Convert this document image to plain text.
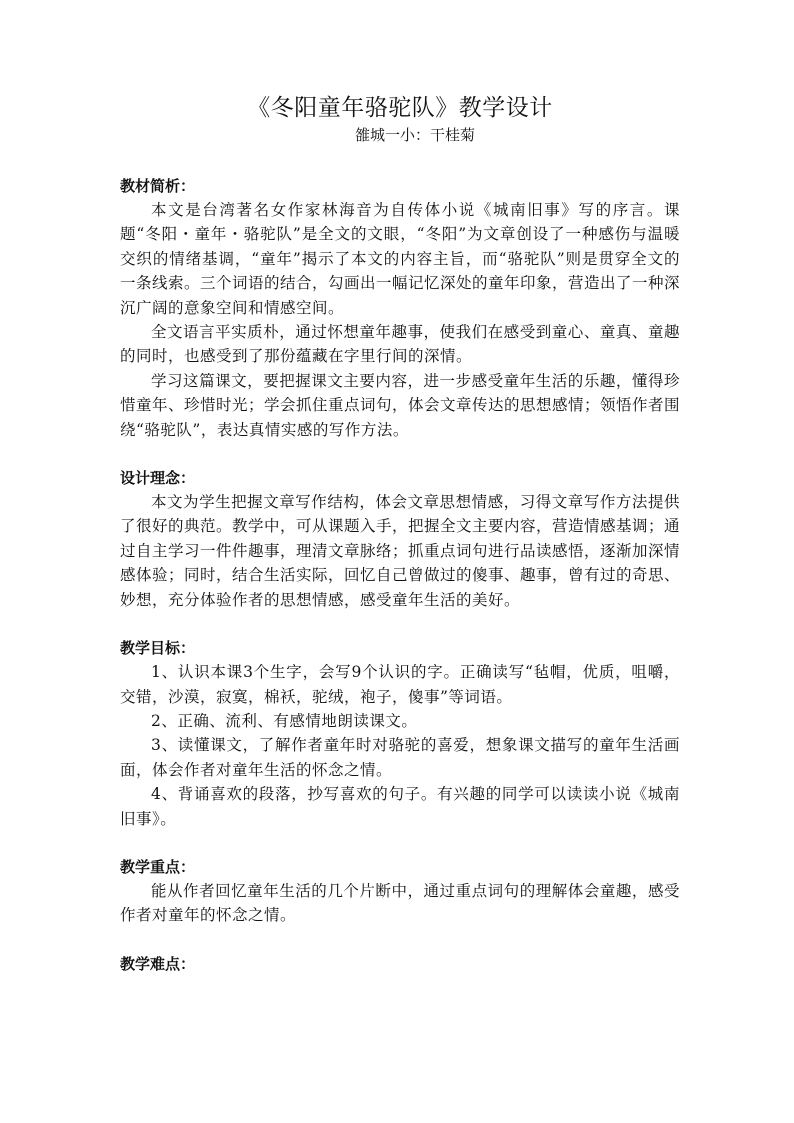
《冬阳童年骆驼队》教学设计

雒城一小：干桂菊

教材简析：

本文是台湾著名女作家林海音为自传体小说《城南旧事》写的序言。课题“冬阳・童年・骆驼队”是全文的文眼，“冬阳”为文章创设了一种感伤与温暖交织的情绪基调，“童年”揭示了本文的内容主旨，而“骆驼队”则是贯穿全文的一条线索。三个词语的结合，勾画出一幅记忆深处的童年印象，营造出了一种深沉广阔的意象空间和情感空间。

全文语言平实质朴，通过怀想童年趣事，使我们在感受到童心、童真、童趣的同时，也感受到了那份蕴藏在字里行间的深情。

学习这篇课文，要把握课文主要内容，进一步感受童年生活的乐趣，懂得珍惜童年、珍惜时光；学会抓住重点词句，体会文章传达的思想感情；领悟作者围绕“骆驼队”，表达真情实感的写作方法。

设计理念：

本文为学生把握文章写作结构，体会文章思想情感，习得文章写作方法提供了很好的典范。教学中，可从课题入手，把握全文主要内容，营造情感基调；通过自主学习一件件趣事，理清文章脉络；抓重点词句进行品读感悟，逐渐加深情感体验；同时，结合生活实际，回忆自己曾做过的傻事、趣事，曾有过的奇思、妙想，充分体验作者的思想情感，感受童年生活的美好。

教学目标：

1、认识本课3个生字，会写9个认识的字。正确读写“毡帽，优质，咀嚼，交错，沙漠，寂寞，棉袄，驼绒，袍子，傻事”等词语。

2、正确、流利、有感情地朗读课文。

3、读懂课文，了解作者童年时对骆驼的喜爱，想象课文描写的童年生活画面，体会作者对童年生活的怀念之情。

4、背诵喜欢的段落，抄写喜欢的句子。有兴趣的同学可以读读小说《城南旧事》。

教学重点：

能从作者回忆童年生活的几个片断中，通过重点词句的理解体会童趣，感受作者对童年的怀念之情。

教学难点：
